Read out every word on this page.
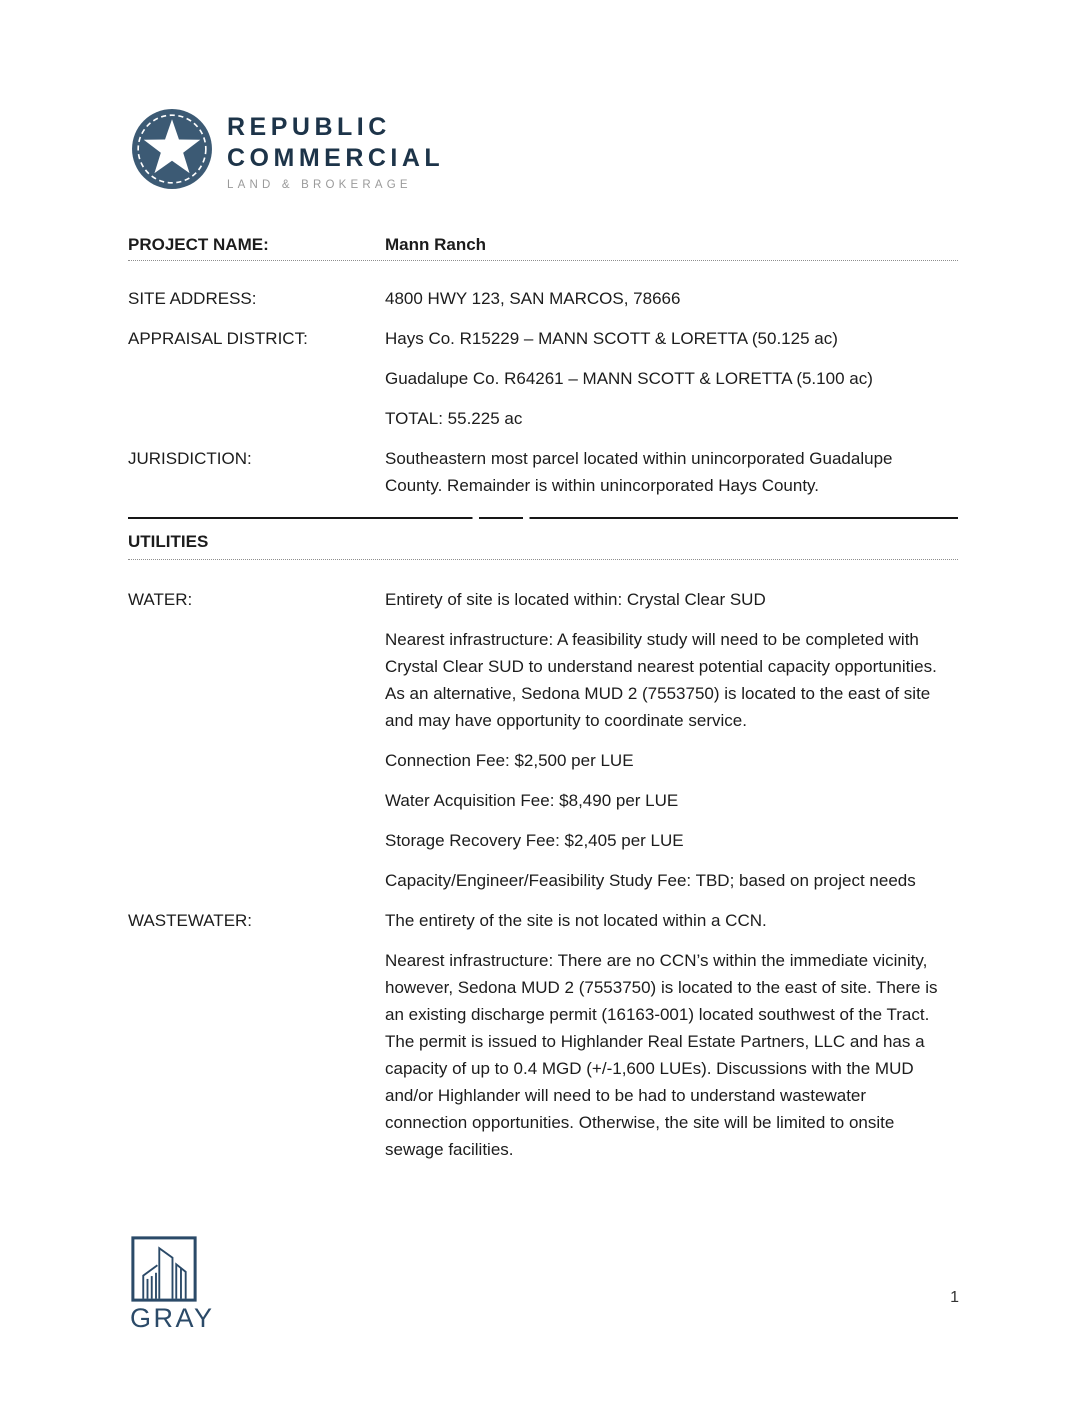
REPUBLIC
COMMERCIAL
LAND & BROKERAGE
PROJECT NAME:	Mann Ranch
SITE ADDRESS:	4800 HWY 123, SAN MARCOS, 78666

APPRAISAL DISTRICT:	Hays Co. R15229 – MANN SCOTT & LORETTA (50.125 ac)

Guadalupe Co. R64261 – MANN SCOTT & LORETTA (5.100 ac)

TOTAL: 55.225 ac

JURISDICTION:	Southeastern most parcel located within unincorporated Guadalupe County. Remainder is within unincorporated Hays County.

UTILITIES
WATER:	Entirety of site is located within: Crystal Clear SUD

Nearest infrastructure: A feasibility study will need to be completed with Crystal Clear SUD to understand nearest potential capacity opportunities. As an alternative, Sedona MUD 2 (7553750) is located to the east of site and may have opportunity to coordinate service.

Connection Fee: $2,500 per LUE

Water Acquisition Fee: $8,490 per LUE

Storage Recovery Fee: $2,405 per LUE

Capacity/Engineer/Feasibility Study Fee: TBD; based on project needs

WASTEWATER:	The entirety of the site is not located within a CCN.

Nearest infrastructure: There are no CCN’s within the immediate vicinity, however, Sedona MUD 2 (7553750) is located to the east of site. There is an existing discharge permit (16163-001) located southwest of the Tract. The permit is issued to Highlander Real Estate Partners, LLC and has a capacity of up to 0.4 MGD (+/-1,600 LUEs). Discussions with the MUD and/or Highlander will need to be had to understand wastewater connection opportunities. Otherwise, the site will be limited to onsite sewage facilities.

GRAY
1
